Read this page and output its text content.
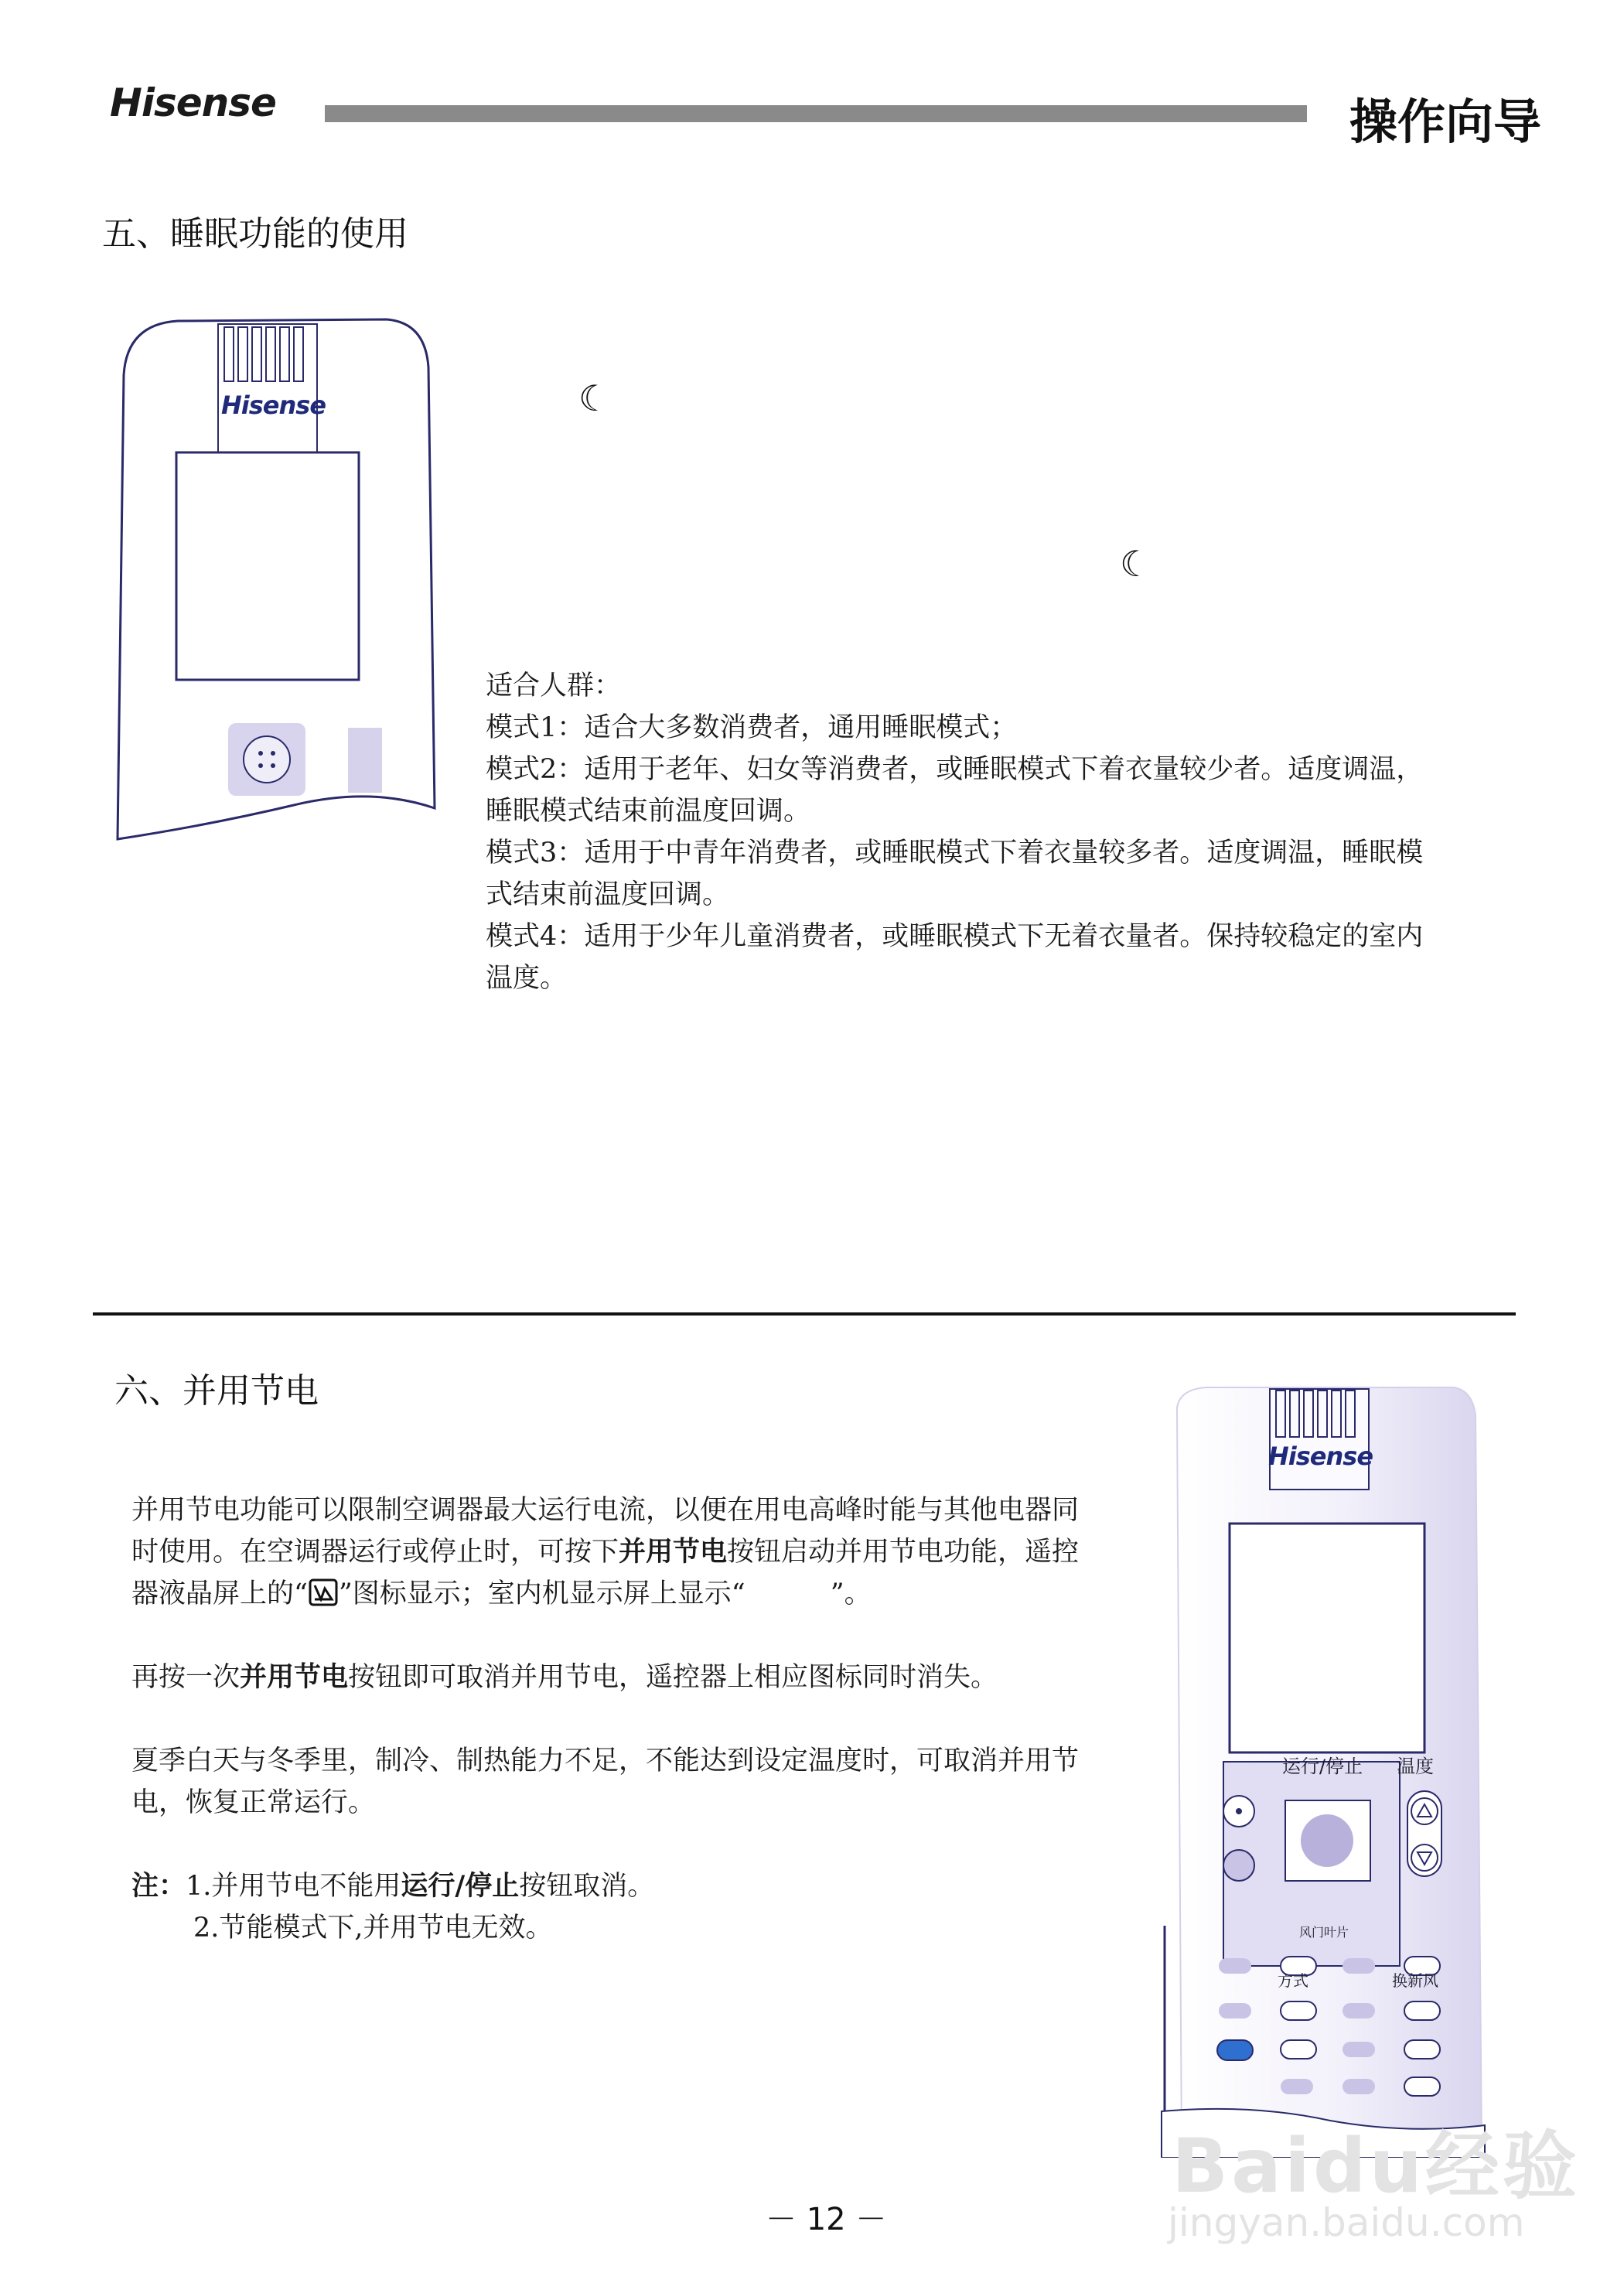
Hisense	操作向导
五、睡眠功能的使用
Hisense	☾
☾
适合人群：
模式1：适合大多数消费者，通用睡眠模式；
模式2：适用于老年、妇女等消费者，或睡眠模式下着衣量较少者。适度调温，
睡眠模式结束前温度回调。
模式3：适用于中青年消费者，或睡眠模式下着衣量较多者。适度调温，睡眠模
式结束前温度回调。
模式4：适用于少年儿童消费者，或睡眠模式下无着衣量者。保持较稳定的室内
温度。
六、并用节电
并用节电功能可以限制空调器最大运行电流，以便在用电高峰时能与其他电器同
时使用。在空调器运行或停止时，可按下并用节电按钮启动并用节电功能，遥控
器液晶屏上的“ ”图标显示；室内机显示屏上显示“	”。
再按一次并用节电按钮即可取消并用节电，遥控器上相应图标同时消失。
夏季白天与冬季里，制冷、制热能力不足，不能达到设定温度时，可取消并用节
电，恢复正常运行。
注：1.并用节电不能用运行/停止按钮取消。
2.节能模式下,并用节电无效。
Hisense
运行/停止 温度
风门叶片
方式	换新风
Baidu经验
jingyan.baidu.com
－ 12 －
